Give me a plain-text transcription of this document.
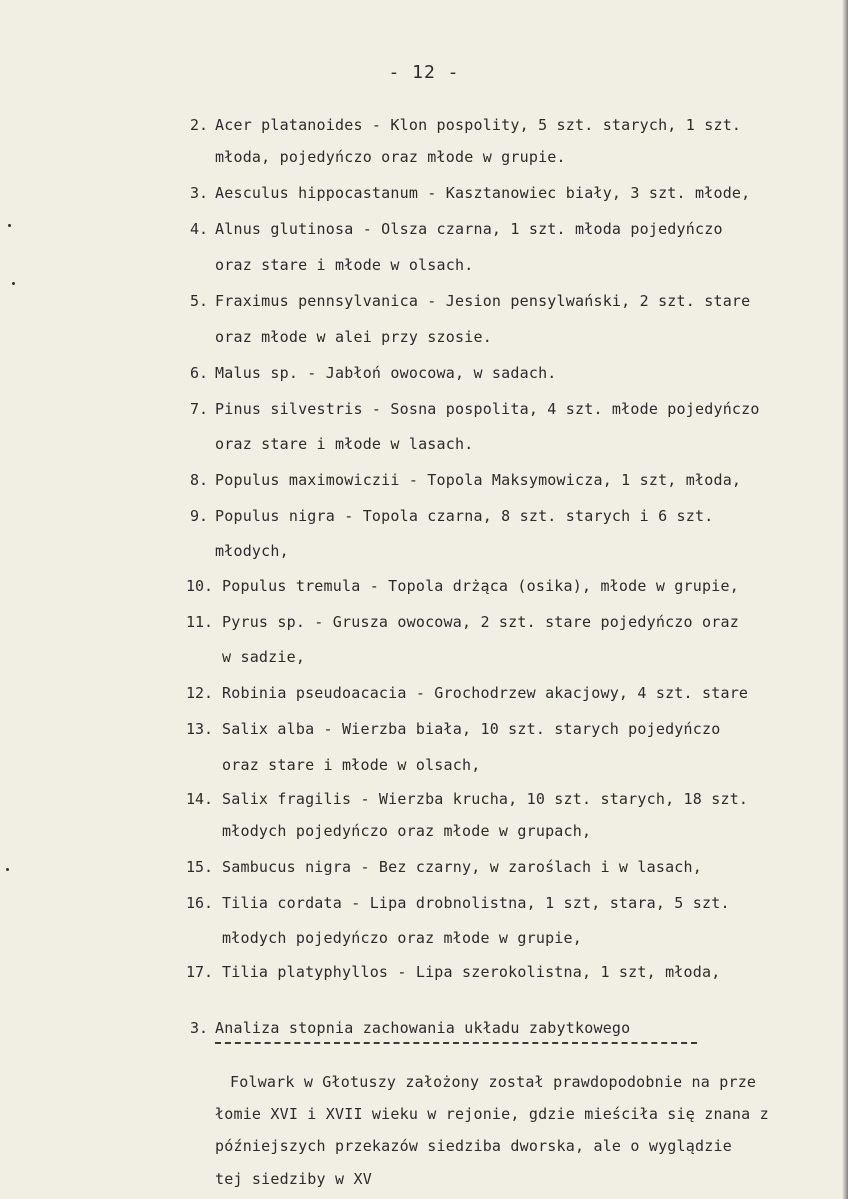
- 12 -
2. Acer platanoides - Klon pospolity, 5 szt. starych, 1 szt.
młoda, pojedyńczo oraz młode w grupie.
3. Aesculus hippocastanum - Kasztanowiec biały, 3 szt. młode,
4. Alnus glutinosa - Olsza czarna, 1 szt. młoda pojedyńczo
oraz stare i młode w olsach.
5. Fraximus pennsylvanica - Jesion pensylwański, 2 szt. stare
oraz młode w alei przy szosie.
6. Malus sp. - Jabłoń owocowa, w sadach.
7. Pinus silvestris - Sosna pospolita, 4 szt. młode pojedyńczo
oraz stare i młode w lasach.
8. Populus maximowiczii - Topola Maksymowicza, 1 szt, młoda,
9. Populus nigra - Topola czarna, 8 szt. starych i 6 szt.
młodych,
10. Populus tremula - Topola drżąca (osika), młode w grupie,
11. Pyrus sp. - Grusza owocowa, 2 szt. stare pojedyńczo oraz
w sadzie,
12. Robinia pseudoacacia - Grochodrzew akacjowy, 4 szt. stare
13. Salix alba - Wierzba biała, 10 szt. starych pojedyńczo
oraz stare i młode w olsach,
14. Salix fragilis - Wierzba krucha, 10 szt. starych, 18 szt.
młodych pojedyńczo oraz młode w grupach,
15. Sambucus nigra - Bez czarny, w zaroślach i w lasach,
16. Tilia cordata - Lipa drobnolistna, 1 szt, stara, 5 szt.
młodych pojedyńczo oraz młode w grupie,
17. Tilia platyphyllos - Lipa szerokolistna, 1 szt, młoda,
3. Analiza stopnia zachowania układu zabytkowego
Folwark w Głotuszy założony został prawdopodobnie na prze
łomie XVI i XVII wieku w rejonie, gdzie mieściła się znana z
późniejszych przekazów siedziba dworska, ale o wyglądzie
tej siedziby w XV
